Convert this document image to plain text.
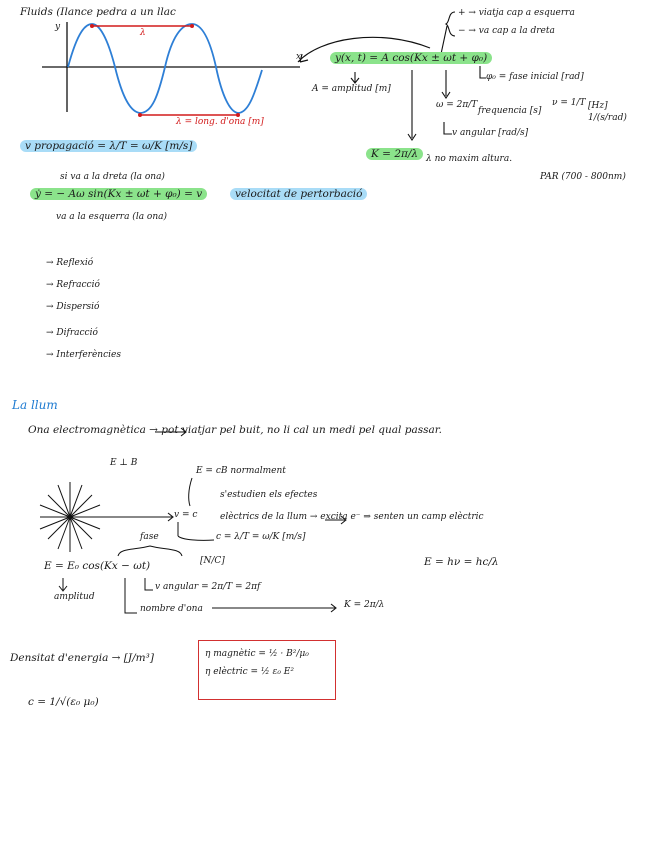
Fluids (Ilance pedra a un llac
y
x
λ
λ = long. d'ona [m]
y(x, t) = A cos(Kx ± ωt + φ₀)
+ → viatja cap a esquerra
− → va cap a la dreta
A = amplitud [m]
φ₀ = fase inicial [rad]
ω = 2π/T
frequencia [s]
v angular [rad/s]
ν = 1/T [Hz] 1/(s/rad)
K = 2π/λ λ no maxim altura.
PAR (700 - 800nm)
v propagació = λ/T = ω/K [m/s]
si va a la dreta (la ona)
ẏ = − Aω sin(Kx ± ωt + φ₀) = v	velocitat de pertorbació
va a la esquerra (la ona)
→ Reflexió
→ Refracció
→ Dispersió
→ Difracció
→ Interferències
La llum
Ona electromagnètica → pot viatjar pel buit, no li cal un medi pel qual passar.
E ⊥ B
E = cB normalment
s'estudien els efectes
elèctrics de la llum → excita e⁻ ⇒ senten un camp elèctric
v = c
c = λ/T = ω/K [m/s]
fase
E = E₀ cos(Kx − ωt)	[N/C]
amplitud
v angular = 2π/T = 2πf
nombre d'ona	K = 2π/λ
E = hν = hc/λ
Densitat d'energia → [J/m³]	η magnètic = ½ · B²/μ₀
η elèctric = ½ ε₀ E²
c = 1/√(ε₀ μ₀)
